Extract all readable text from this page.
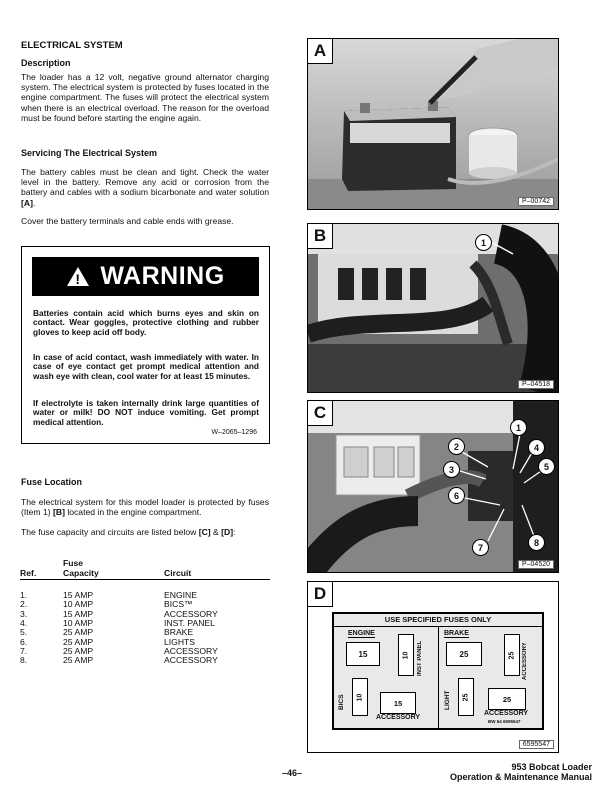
ELECTRICAL SYSTEM
Description
The loader has a 12 volt, negative ground alternator charging system. The electrical system is protected by fuses located in the engine compartment. The fuses will protect the electrical system when there is an electrical overload. The reason for the overload must be found before starting the engine again.
Servicing The Electrical System
The battery cables must be clean and tight. Check the water level in the battery. Remove any acid or corrosion from the battery and cables with a sodium bicarbonate and water solution [A].
Cover the battery terminals and cable ends with grease.
! WARNING

Batteries contain acid which burns eyes and skin on contact. Wear goggles, protective clothing and rubber gloves to keep acid off body.

In case of acid contact, wash immediately with water. In case of eye contact get prompt medical attention and wash eye with clean, cool water for at least 15 minutes.

If electrolyte is taken internally drink large quantities of water or milk! DO NOT induce vomiting. Get prompt medical attention.

W–2065–1296
Fuse Location
The electrical system for this model loader is protected by fuses (Item 1) [B] located in the engine compartment.
The fuse capacity and circuits are listed below [C] & [D]:
Fuse
Ref.	Capacity	Circuit
1.	15 AMP	ENGINE
2.	10 AMP	BICS™
3.	15 AMP	ACCESSORY
4.	10 AMP	INST. PANEL
5.	25 AMP	BRAKE
6.	25 AMP	LIGHTS
7.	25 AMP	ACCESSORY
8.	25 AMP	ACCESSORY
A
P–00742
B	1
P–04518
C
1
2
3
4
5
6
7	8
P–04520
D
USE SPECIFIED FUSES ONLY
ENGINE
15	10 INST PANEL
BICS 10
15
ACCESSORY
BRAKE
25	25 ACCESSORY
LIGHT 25	25
ACCESSORY
BW 64 6595547
6595547
–46–
953 Bobcat Loader
Operation & Maintenance Manual
